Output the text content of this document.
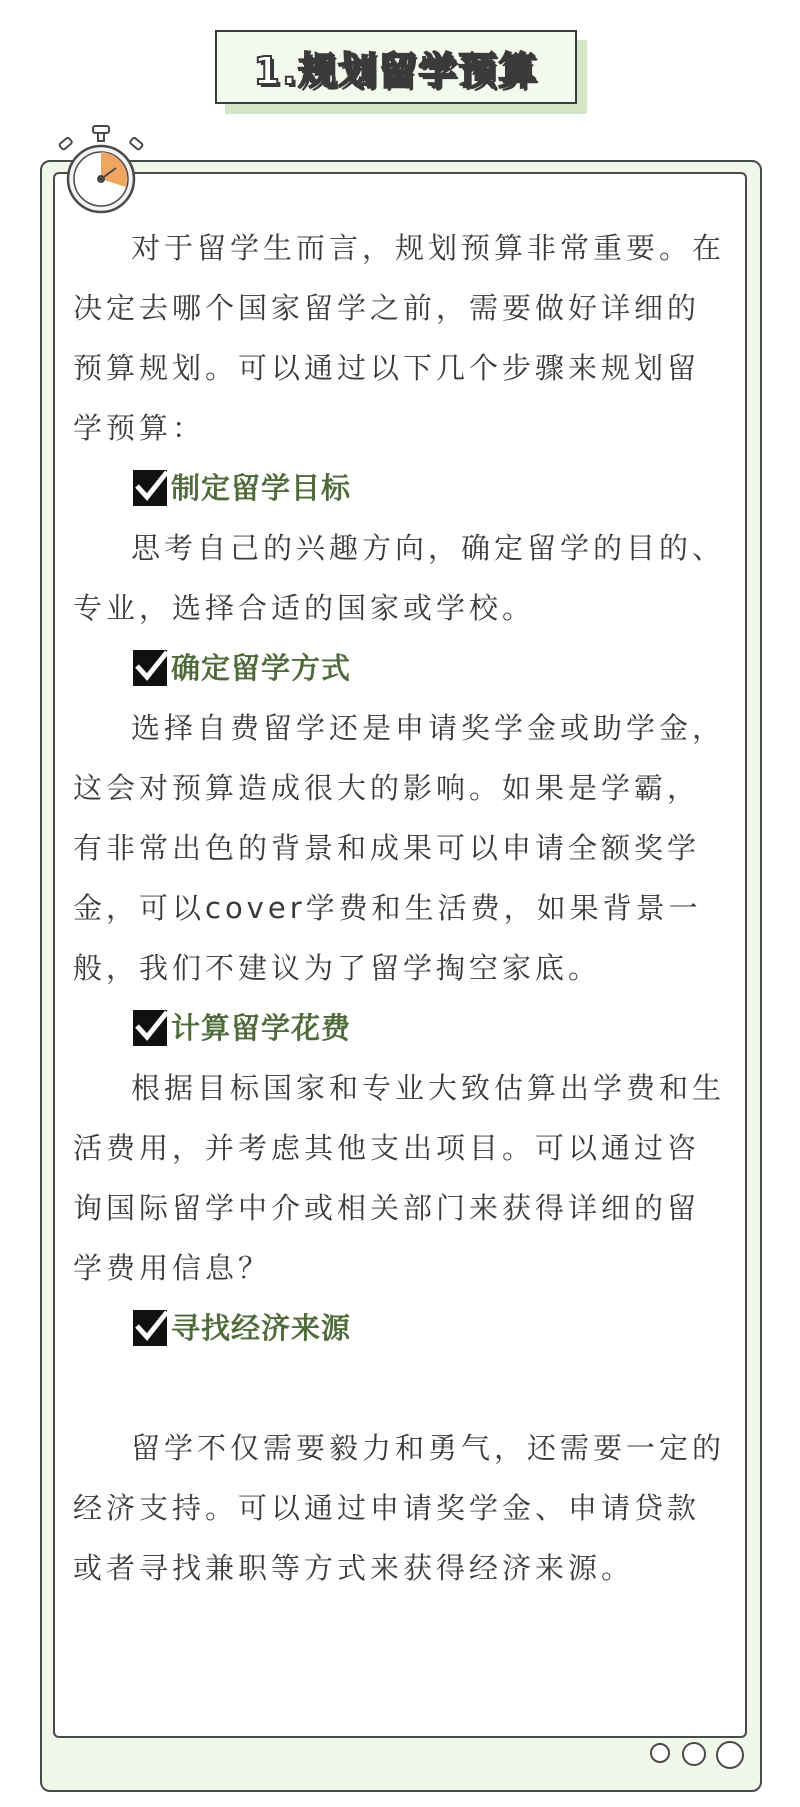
1.规划留学预算

对于留学生而言，规划预算非常重要。在决定去哪个国家留学之前，需要做好详细的预算规划。可以通过以下几个步骤来规划留学预算：

制定留学目标

思考自己的兴趣方向，确定留学的目的、专业，选择合适的国家或学校。

确定留学方式

选择自费留学还是申请奖学金或助学金，这会对预算造成很大的影响。如果是学霸，有非常出色的背景和成果可以申请全额奖学金，可以cover学费和生活费，如果背景一般，我们不建议为了留学掏空家底。

计算留学花费

根据目标国家和专业大致估算出学费和生活费用，并考虑其他支出项目。可以通过咨询国际留学中介或相关部门来获得详细的留学费用信息？

寻找经济来源

留学不仅需要毅力和勇气，还需要一定的经济支持。可以通过申请奖学金、申请贷款或者寻找兼职等方式来获得经济来源。
